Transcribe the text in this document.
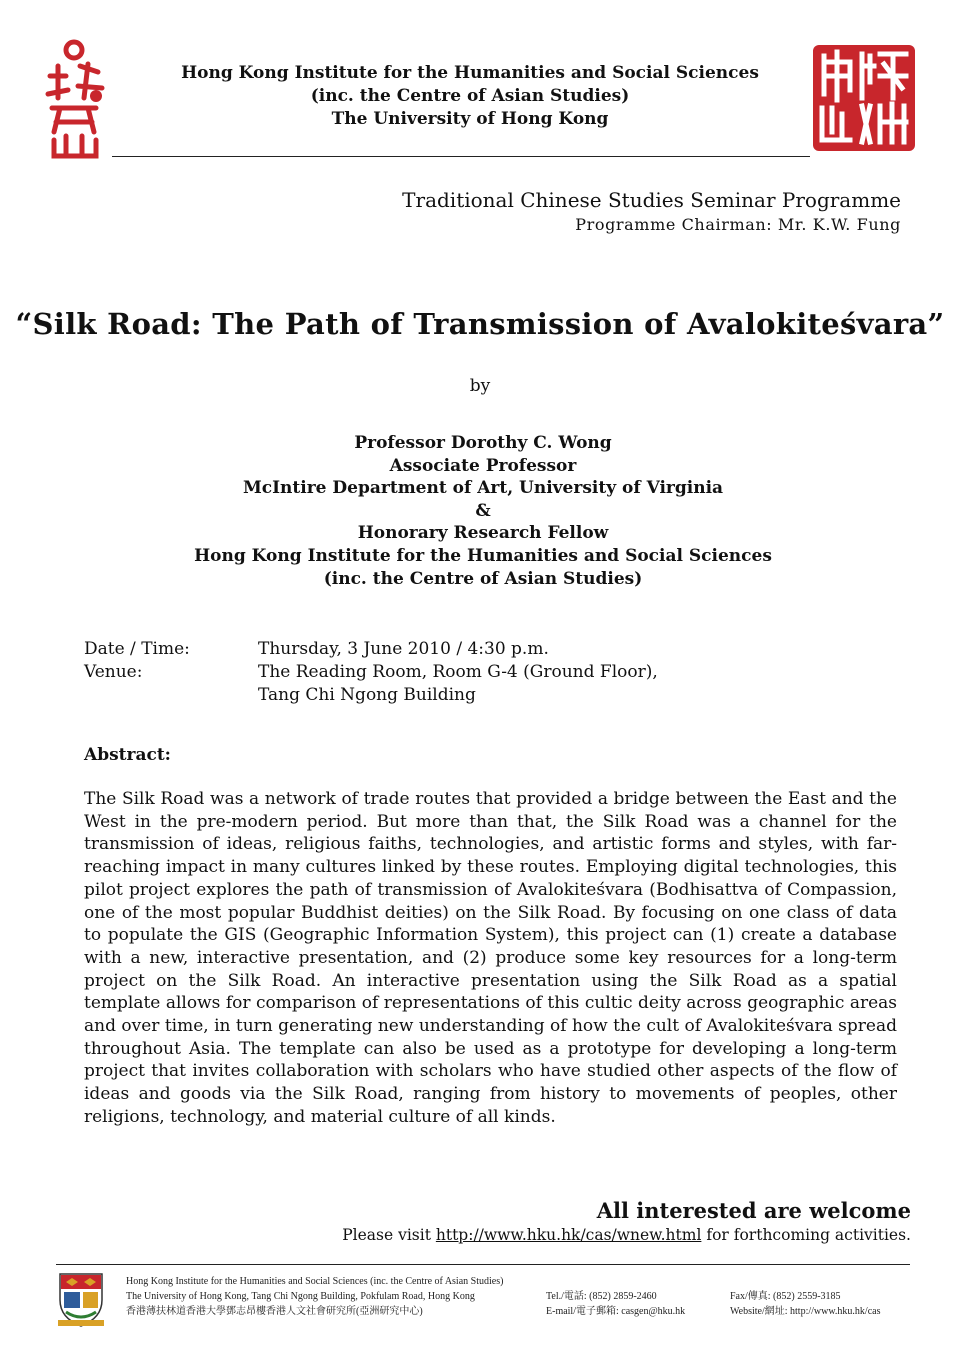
Hong Kong Institute for the Humanities and Social Sciences
(inc. the Centre of Asian Studies)
The University of Hong Kong
Traditional Chinese Studies Seminar Programme
Programme Chairman: Mr. K.W. Fung
“Silk Road: The Path of Transmission of Avalokiteśvara”
by
Professor Dorothy C. Wong
Associate Professor
McIntire Department of Art, University of Virginia
&
Honorary Research Fellow
Hong Kong Institute for the Humanities and Social Sciences
(inc. the Centre of Asian Studies)
Date / Time:	Thursday, 3 June 2010 / 4:30 p.m.
Venue:	The Reading Room, Room G-4 (Ground Floor),
Tang Chi Ngong Building
Abstract:
The Silk Road was a network of trade routes that provided a bridge between the East and the West in the pre-modern period. But more than that, the Silk Road was a channel for the transmission of ideas, religious faiths, technologies, and artistic forms and styles, with far-reaching impact in many cultures linked by these routes. Employing digital technologies, this pilot project explores the path of transmission of Avalokiteśvara (Bodhisattva of Compassion, one of the most popular Buddhist deities) on the Silk Road. By focusing on one class of data to populate the GIS (Geographic Information System), this project can (1) create a database with a new, interactive presentation, and (2) produce some key resources for a long-term project on the Silk Road. An interactive presentation using the Silk Road as a spatial template allows for comparison of representations of this cultic deity across geographic areas and over time, in turn generating new understanding of how the cult of Avalokiteśvara spread throughout Asia. The template can also be used as a prototype for developing a long-term project that invites collaboration with scholars who have studied other aspects of the flow of ideas and goods via the Silk Road, ranging from history to movements of peoples, other religions, technology, and material culture of all kinds.
All interested are welcome
Please visit http://www.hku.hk/cas/wnew.html for forthcoming activities.
Hong Kong Institute for the Humanities and Social Sciences (inc. the Centre of Asian Studies)
The University of Hong Kong, Tang Chi Ngong Building, Pokfulam Road, Hong Kong
香港薄扶林道香港大學鄧志昂樓香港人文社會研究所(亞洲研究中心)
Tel./電話: (852) 2859-2460
E-mail/電子郵箱: casgen@hku.hk
Fax/傳真: (852) 2559-3185
Website/網址: http://www.hku.hk/cas
